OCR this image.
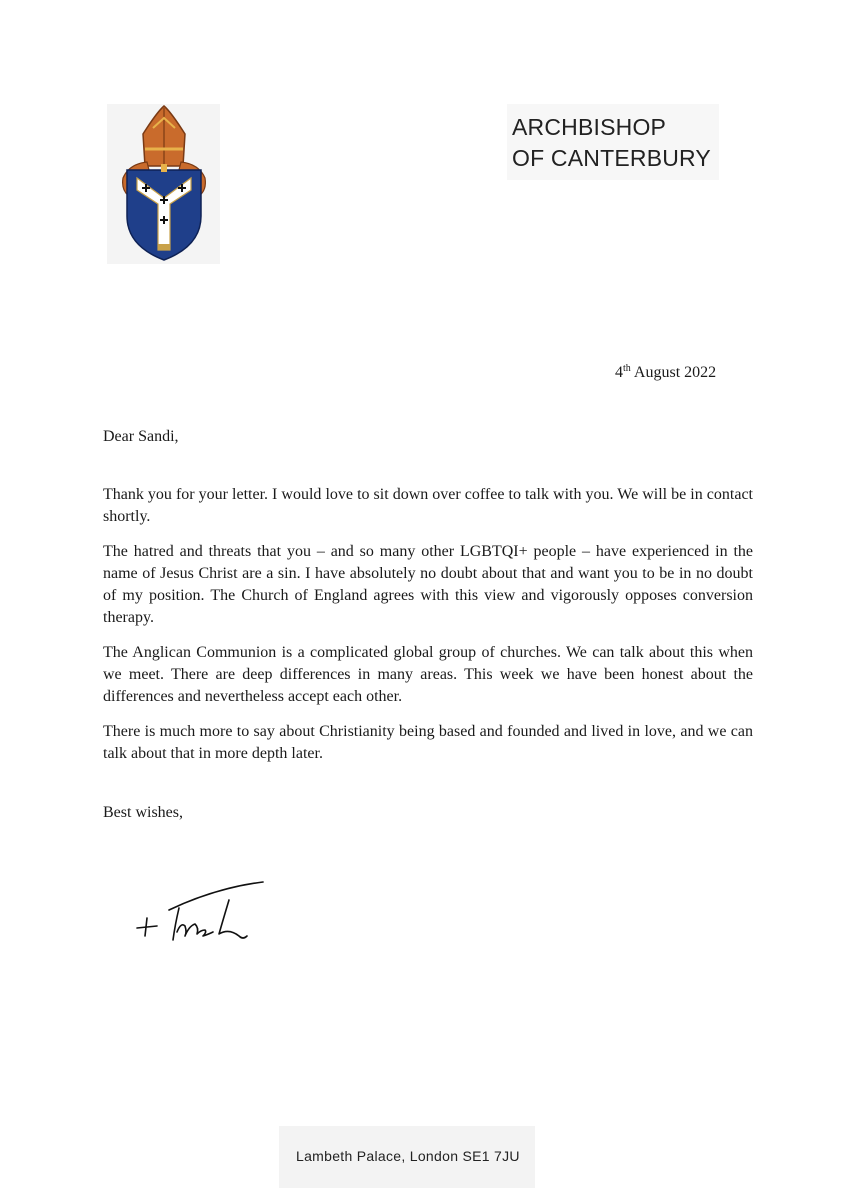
ARCHBISHOP
OF CANTERBURY
4th August 2022
Dear Sandi,

Thank you for your letter. I would love to sit down over coffee to talk with you. We will be in contact shortly.

The hatred and threats that you – and so many other LGBTQI+ people – have experienced in the name of Jesus Christ are a sin. I have absolutely no doubt about that and want you to be in no doubt of my position. The Church of England agrees with this view and vigorously opposes conversion therapy.

The Anglican Communion is a complicated global group of churches. We can talk about this when we meet. There are deep differences in many areas. This week we have been honest about the differences and nevertheless accept each other.

There is much more to say about Christianity being based and founded and lived in love, and we can talk about that in more depth later.

Best wishes,
Lambeth Palace, London SE1 7JU
